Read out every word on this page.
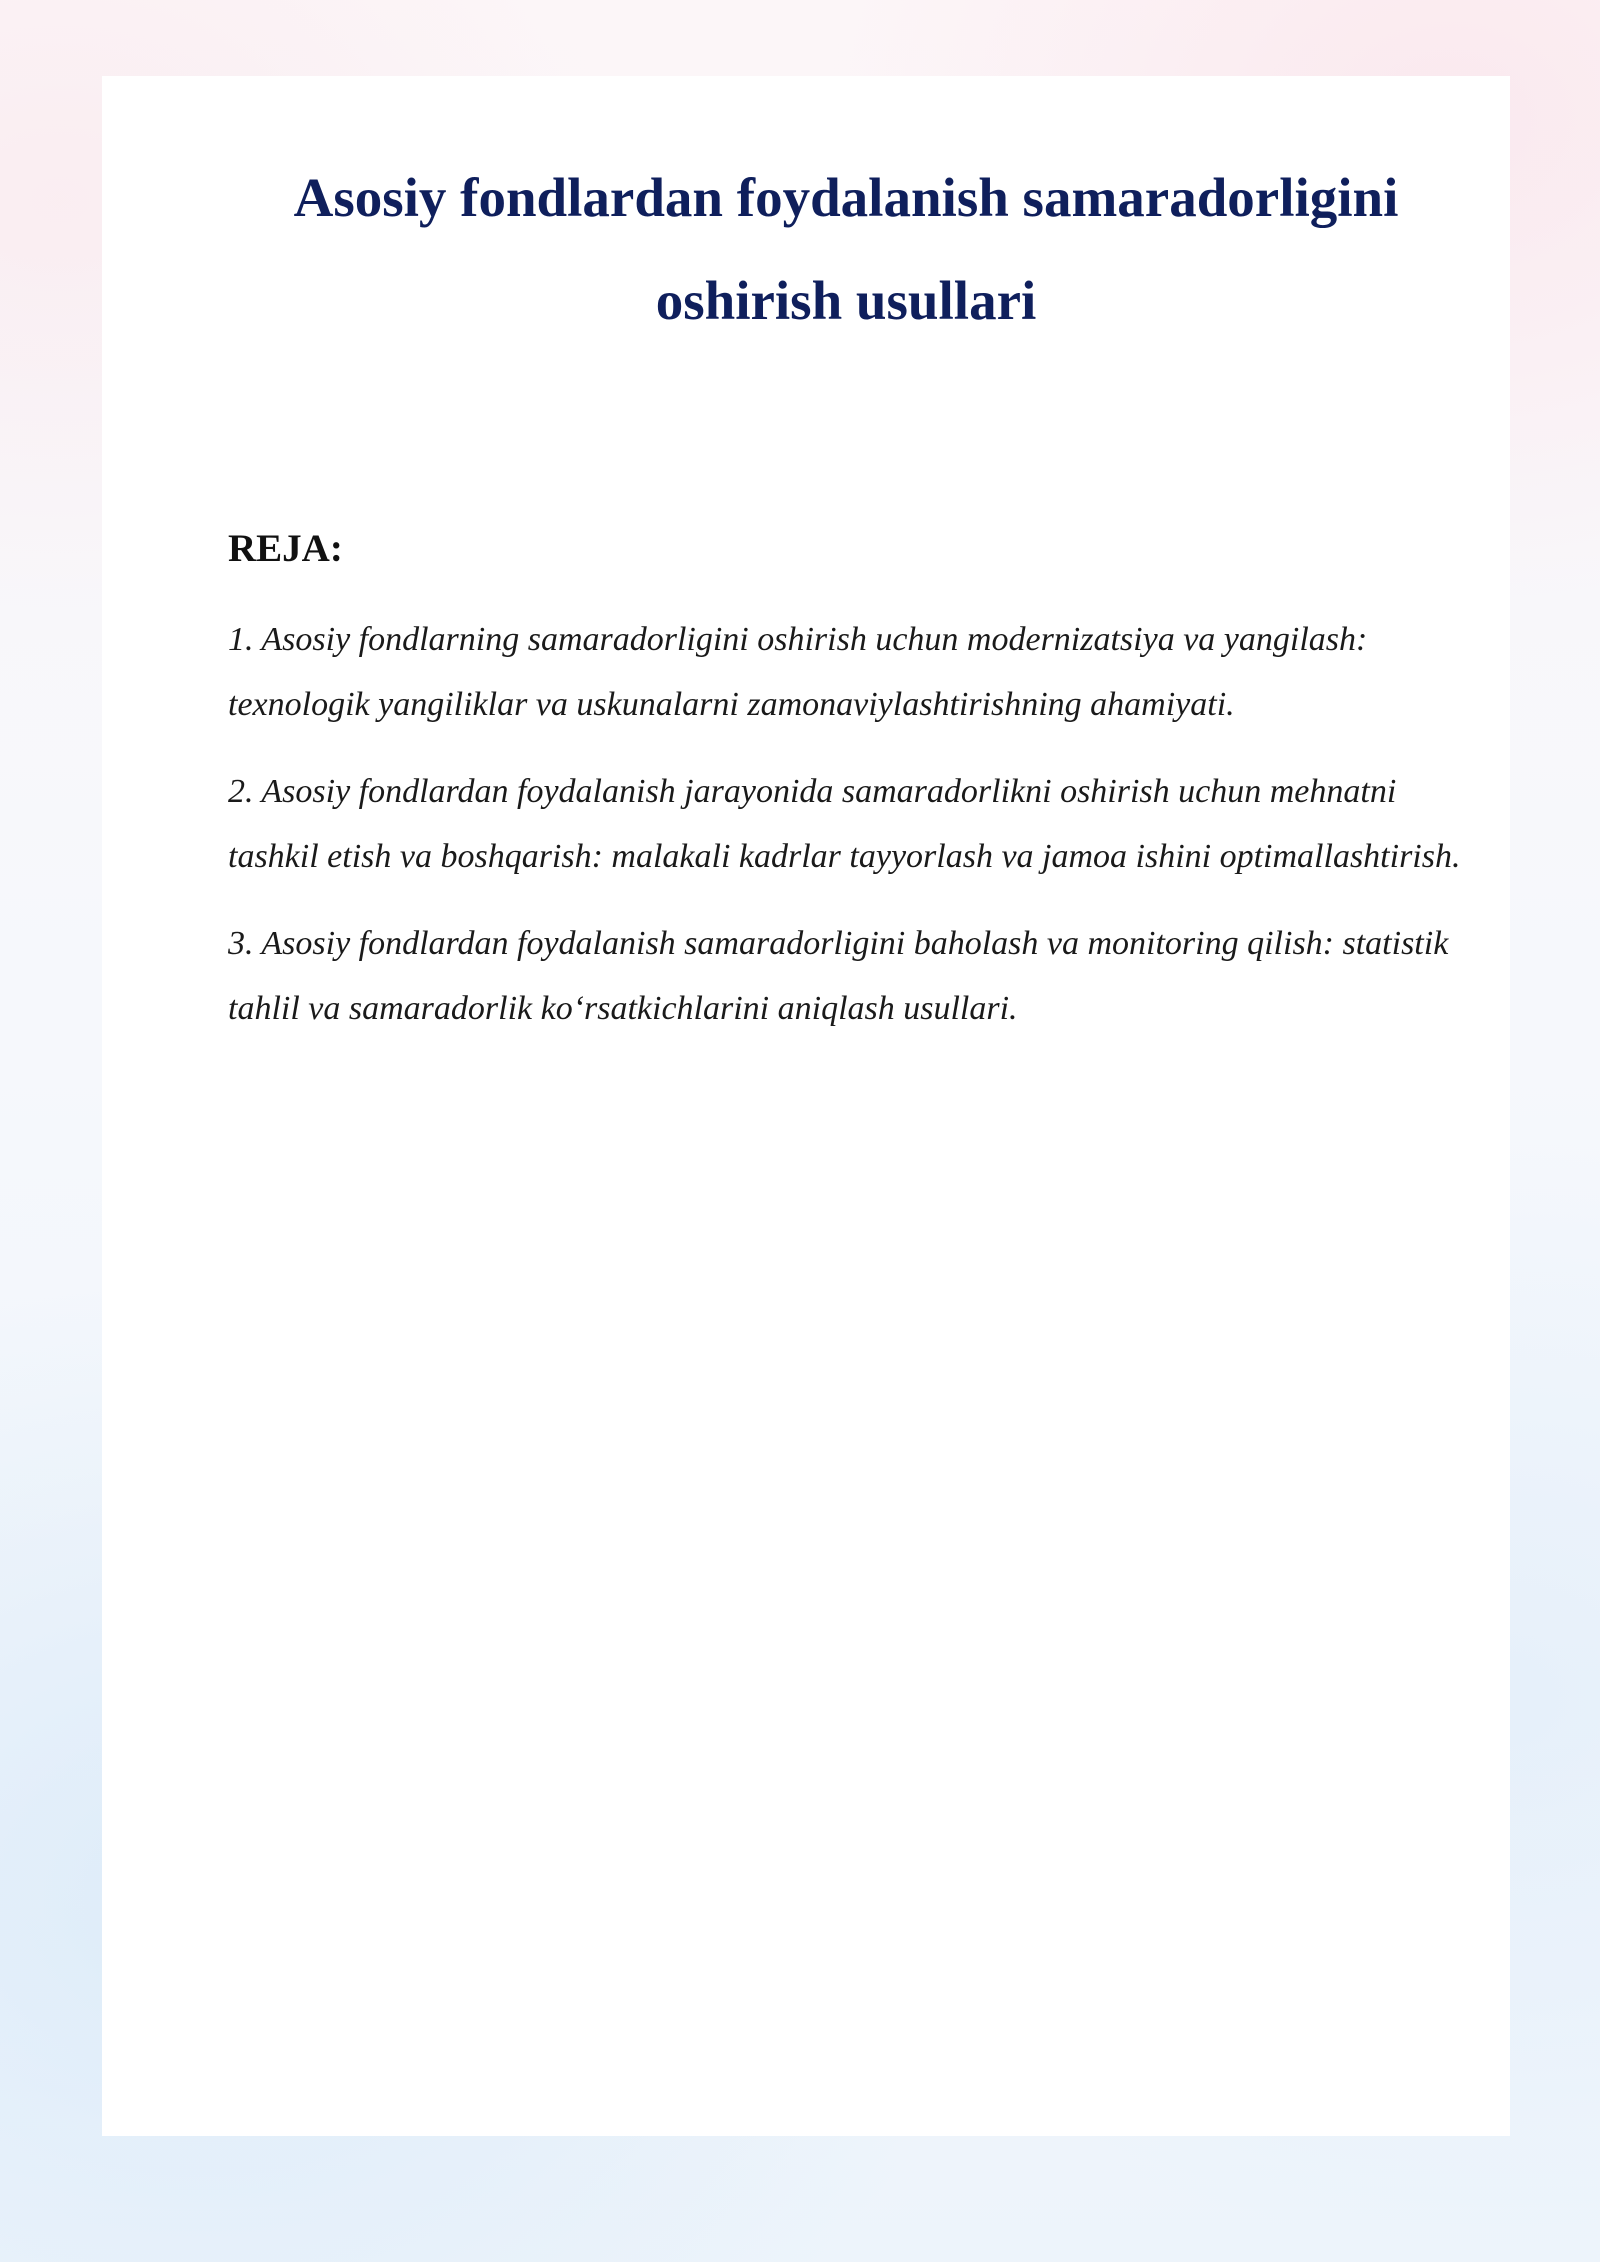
Asosiy fondlardan foydalanish samaradorligini
oshirish usullari

REJA:

1. Asosiy fondlarning samaradorligini oshirish uchun modernizatsiya va yangilash: texnologik yangiliklar va uskunalarni zamonaviylashtirishning ahamiyati.

2. Asosiy fondlardan foydalanish jarayonida samaradorlikni oshirish uchun mehnatni tashkil etish va boshqarish: malakali kadrlar tayyorlash va jamoa ishini optimallashtirish.

3. Asosiy fondlardan foydalanish samaradorligini baholash va monitoring qilish: statistik tahlil va samaradorlik ko‘rsatkichlarini aniqlash usullari.
